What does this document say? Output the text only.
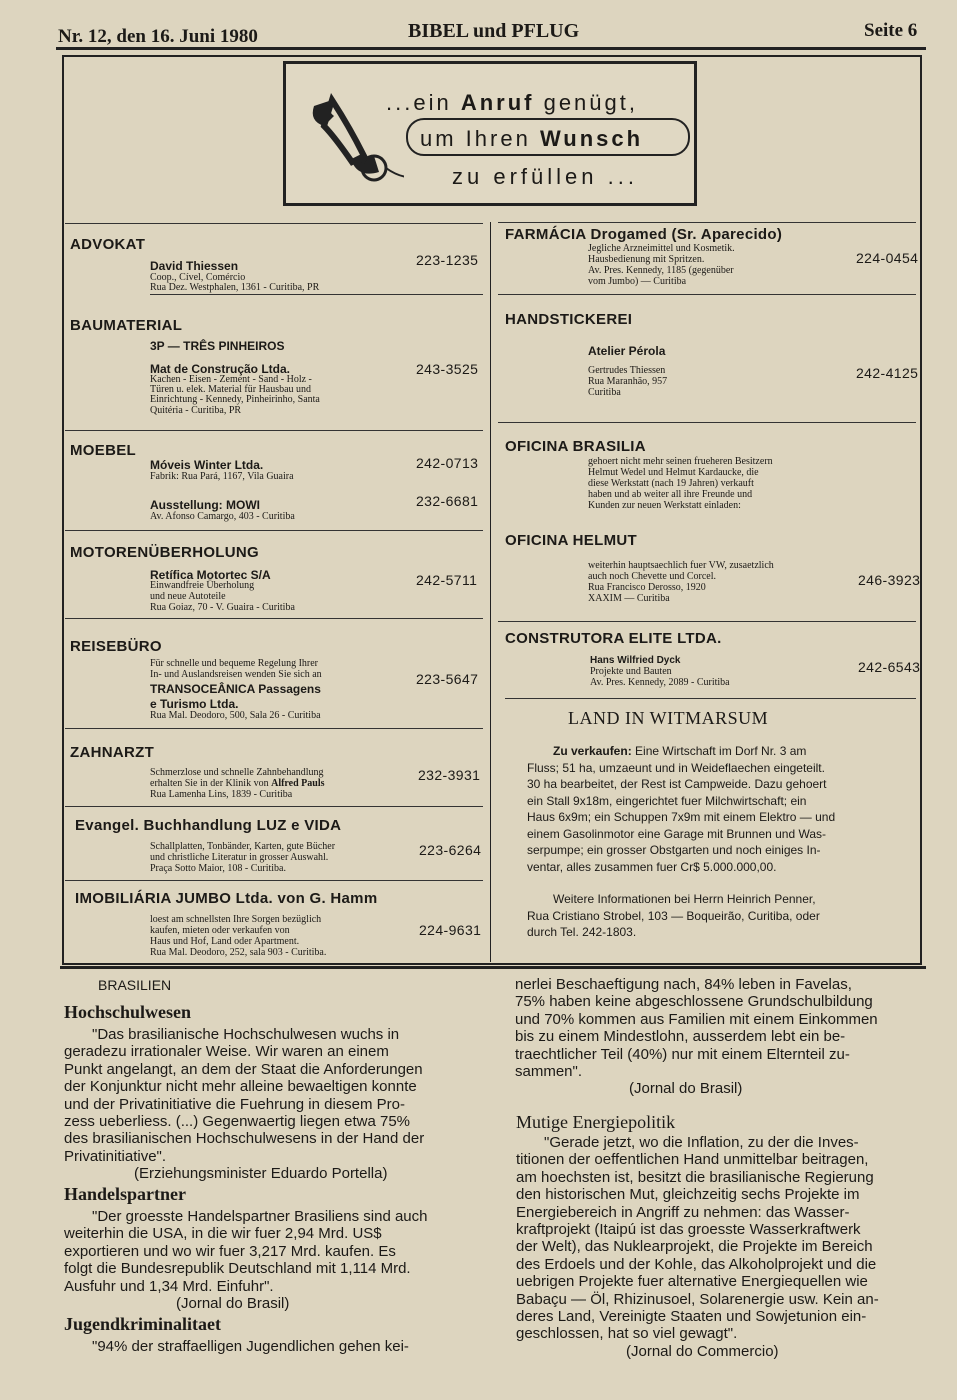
Nr. 12, den 16. Juni 1980	BIBEL und PFLUG	Seite 6
...ein Anruf genügt,
um Ihren Wunsch
zu erfüllen ...
ADVOKAT
David Thiessen
Coop., Cível, Comércio
Rua Dez. Westphalen, 1361 - Curitiba, PR
223-1235
BAUMATERIAL
3P — TRÊS PINHEIROS
Mat de Construção Ltda.
Kachen - Eisen - Zement - Sand - Holz -
Türen u. elek. Material für Hausbau und
Einrichtung - Kennedy, Pinheirinho, Santa
Quitéria - Curitiba, PR
243-3525
MOEBEL
Móveis Winter Ltda.
Fabrik: Rua Pará, 1167, Vila Guaira
242-0713
Ausstellung: MOWI
Av. Afonso Camargo, 403 - Curitiba
232-6681
MOTORENÜBERHOLUNG
Retífica Motortec S/A
Einwandfreie Überholung
und neue Autoteile
Rua Goiaz, 70 - V. Guaira - Curitiba
242-5711
REISEBÜRO
Für schnelle und bequeme Regelung Ihrer
In- und Auslandsreisen wenden Sie sich an
TRANSOCEÂNICA Passagens
e Turismo Ltda.
Rua Mal. Deodoro, 500, Sala 26 - Curitiba
223-5647
ZAHNARZT
Schmerzlose und schnelle Zahnbehandlung
erhalten Sie in der Klinik von Alfred Pauls
Rua Lamenha Lins, 1839 - Curitiba
232-3931
Evangel. Buchhandlung LUZ e VIDA
Schallplatten, Tonbänder, Karten, gute Bücher
und christliche Literatur in grosser Auswahl.
Praça Sotto Maior, 108 - Curitiba.
223-6264
IMOBILIÁRIA JUMBO Ltda. von G. Hamm
loest am schnellsten Ihre Sorgen bezüglich
kaufen, mieten oder verkaufen von
Haus und Hof, Land oder Apartment.
Rua Mal. Deodoro, 252, sala 903 - Curitiba.
224-9631
FARMÁCIA Drogamed (Sr. Aparecido)
Jegliche Arzneimittel und Kosmetik.
Hausbedienung mit Spritzen.
Av. Pres. Kennedy, 1185 (gegenüber
vom Jumbo) — Curitiba
224-0454
HANDSTICKEREI
Atelier Pérola
Gertrudes Thiessen
Rua Maranhão, 957
Curitiba
242-4125
OFICINA BRASILIA
gehoert nicht mehr seinen frueheren Besitzern
Helmut Wedel und Helmut Kardaucke, die
diese Werkstatt (nach 19 Jahren) verkauft
haben und ab weiter all ihre Freunde und
Kunden zur neuen Werkstatt einladen:
OFICINA HELMUT
weiterhin hauptsaechlich fuer VW, zusaetzlich
auch noch Chevette und Corcel.
Rua Francisco Derosso, 1920
XAXIM — Curitiba
246-3923
CONSTRUTORA ELITE LTDA.
Hans Wilfried Dyck
Projekte und Bauten
Av. Pres. Kennedy, 2089 - Curitiba
242-6543
LAND IN WITMARSUM
Zu verkaufen: Eine Wirtschaft im Dorf Nr. 3 am
Fluss; 51 ha, umzaeunt und in Weideflaechen eingeteilt.
30 ha bearbeitet, der Rest ist Campweide. Dazu gehoert
ein Stall 9x18m, eingerichtet fuer Milchwirtschaft; ein
Haus 6x9m; ein Schuppen 7x9m mit einem Elektro — und
einem Gasolinmotor eine Garage mit Brunnen und Was-
serpumpe; ein grosser Obstgarten und noch einiges In-
ventar, alles zusammen fuer Cr$ 5.000.000,00.
Weitere Informationen bei Herrn Heinrich Penner,
Rua Cristiano Strobel, 103 — Boqueirão, Curitiba, oder
durch Tel. 242-1803.
BRASILIEN
Hochschulwesen
"Das brasilianische Hochschulwesen wuchs in
geradezu irrationaler Weise. Wir waren an einem
Punkt angelangt, an dem der Staat die Anforderungen
der Konjunktur nicht mehr alleine bewaeltigen konnte
und der Privatinitiative die Fuehrung in diesem Pro-
zess ueberliess. (...) Gegenwaertig liegen etwa 75%
des brasilianischen Hochschulwesens in der Hand der
Privatinitiative".
(Erziehungsminister Eduardo Portella)
Handelspartner
"Der groesste Handelspartner Brasiliens sind auch
weiterhin die USA, in die wir fuer 2,94 Mrd. US$
exportieren und wo wir fuer 3,217 Mrd. kaufen. Es
folgt die Bundesrepublik Deutschland mit 1,114 Mrd.
Ausfuhr und 1,34 Mrd. Einfuhr".
(Jornal do Brasil)
Jugendkriminalitaet
"94% der straffaelligen Jugendlichen gehen kei-
nerlei Beschaeftigung nach, 84% leben in Favelas,
75% haben keine abgeschlossene Grundschulbildung
und 70% kommen aus Familien mit einem Einkommen
bis zu einem Mindestlohn, ausserdem lebt ein be-
traechtlicher Teil (40%) nur mit einem Elternteil zu-
sammen".
(Jornal do Brasil)
Mutige Energiepolitik
"Gerade jetzt, wo die Inflation, zu der die Inves-
titionen der oeffentlichen Hand unmittelbar beitragen,
am hoechsten ist, besitzt die brasilianische Regierung
den historischen Mut, gleichzeitig sechs Projekte im
Energiebereich in Angriff zu nehmen: das Wasser-
kraftprojekt (Itaipú ist das groesste Wasserkraftwerk
der Welt), das Nuklearprojekt, die Projekte im Bereich
des Erdoels und der Kohle, das Alkoholprojekt und die
uebrigen Projekte fuer alternative Energiequellen wie
Babaçu — Öl, Rhizinusoel, Solarenergie usw. Kein an-
deres Land, Vereinigte Staaten und Sowjetunion ein-
geschlossen, hat so viel gewagt".
(Jornal do Commercio)
